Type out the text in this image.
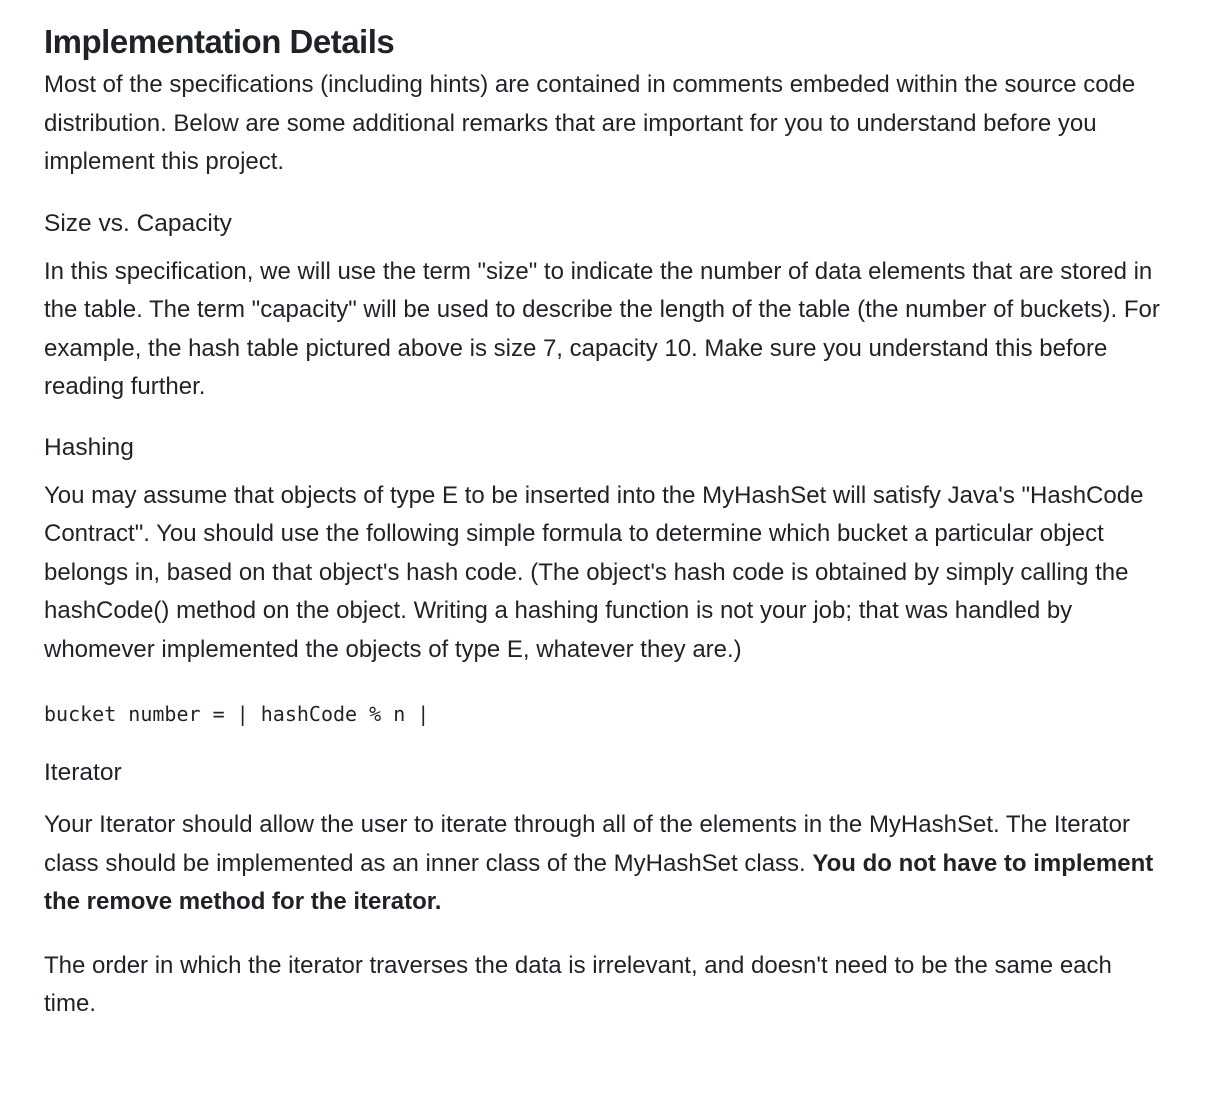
Implementation Details

Most of the specifications (including hints) are contained in comments embeded within the source code distribution. Below are some additional remarks that are important for you to understand before you implement this project.

Size vs. Capacity

In this specification, we will use the term "size" to indicate the number of data elements that are stored in the table. The term "capacity" will be used to describe the length of the table (the number of buckets). For example, the hash table pictured above is size 7, capacity 10. Make sure you understand this before reading further.

Hashing

You may assume that objects of type E to be inserted into the MyHashSet will satisfy Java's "HashCode Contract". You should use the following simple formula to determine which bucket a particular object belongs in, based on that object's hash code. (The object's hash code is obtained by simply calling the hashCode() method on the object. Writing a hashing function is not your job; that was handled by whomever implemented the objects of type E, whatever they are.)

bucket number = | hashCode % n |
Iterator

Your Iterator should allow the user to iterate through all of the elements in the MyHashSet. The Iterator class should be implemented as an inner class of the MyHashSet class. You do not have to implement the remove method for the iterator.

The order in which the iterator traverses the data is irrelevant, and doesn't need to be the same each time.
